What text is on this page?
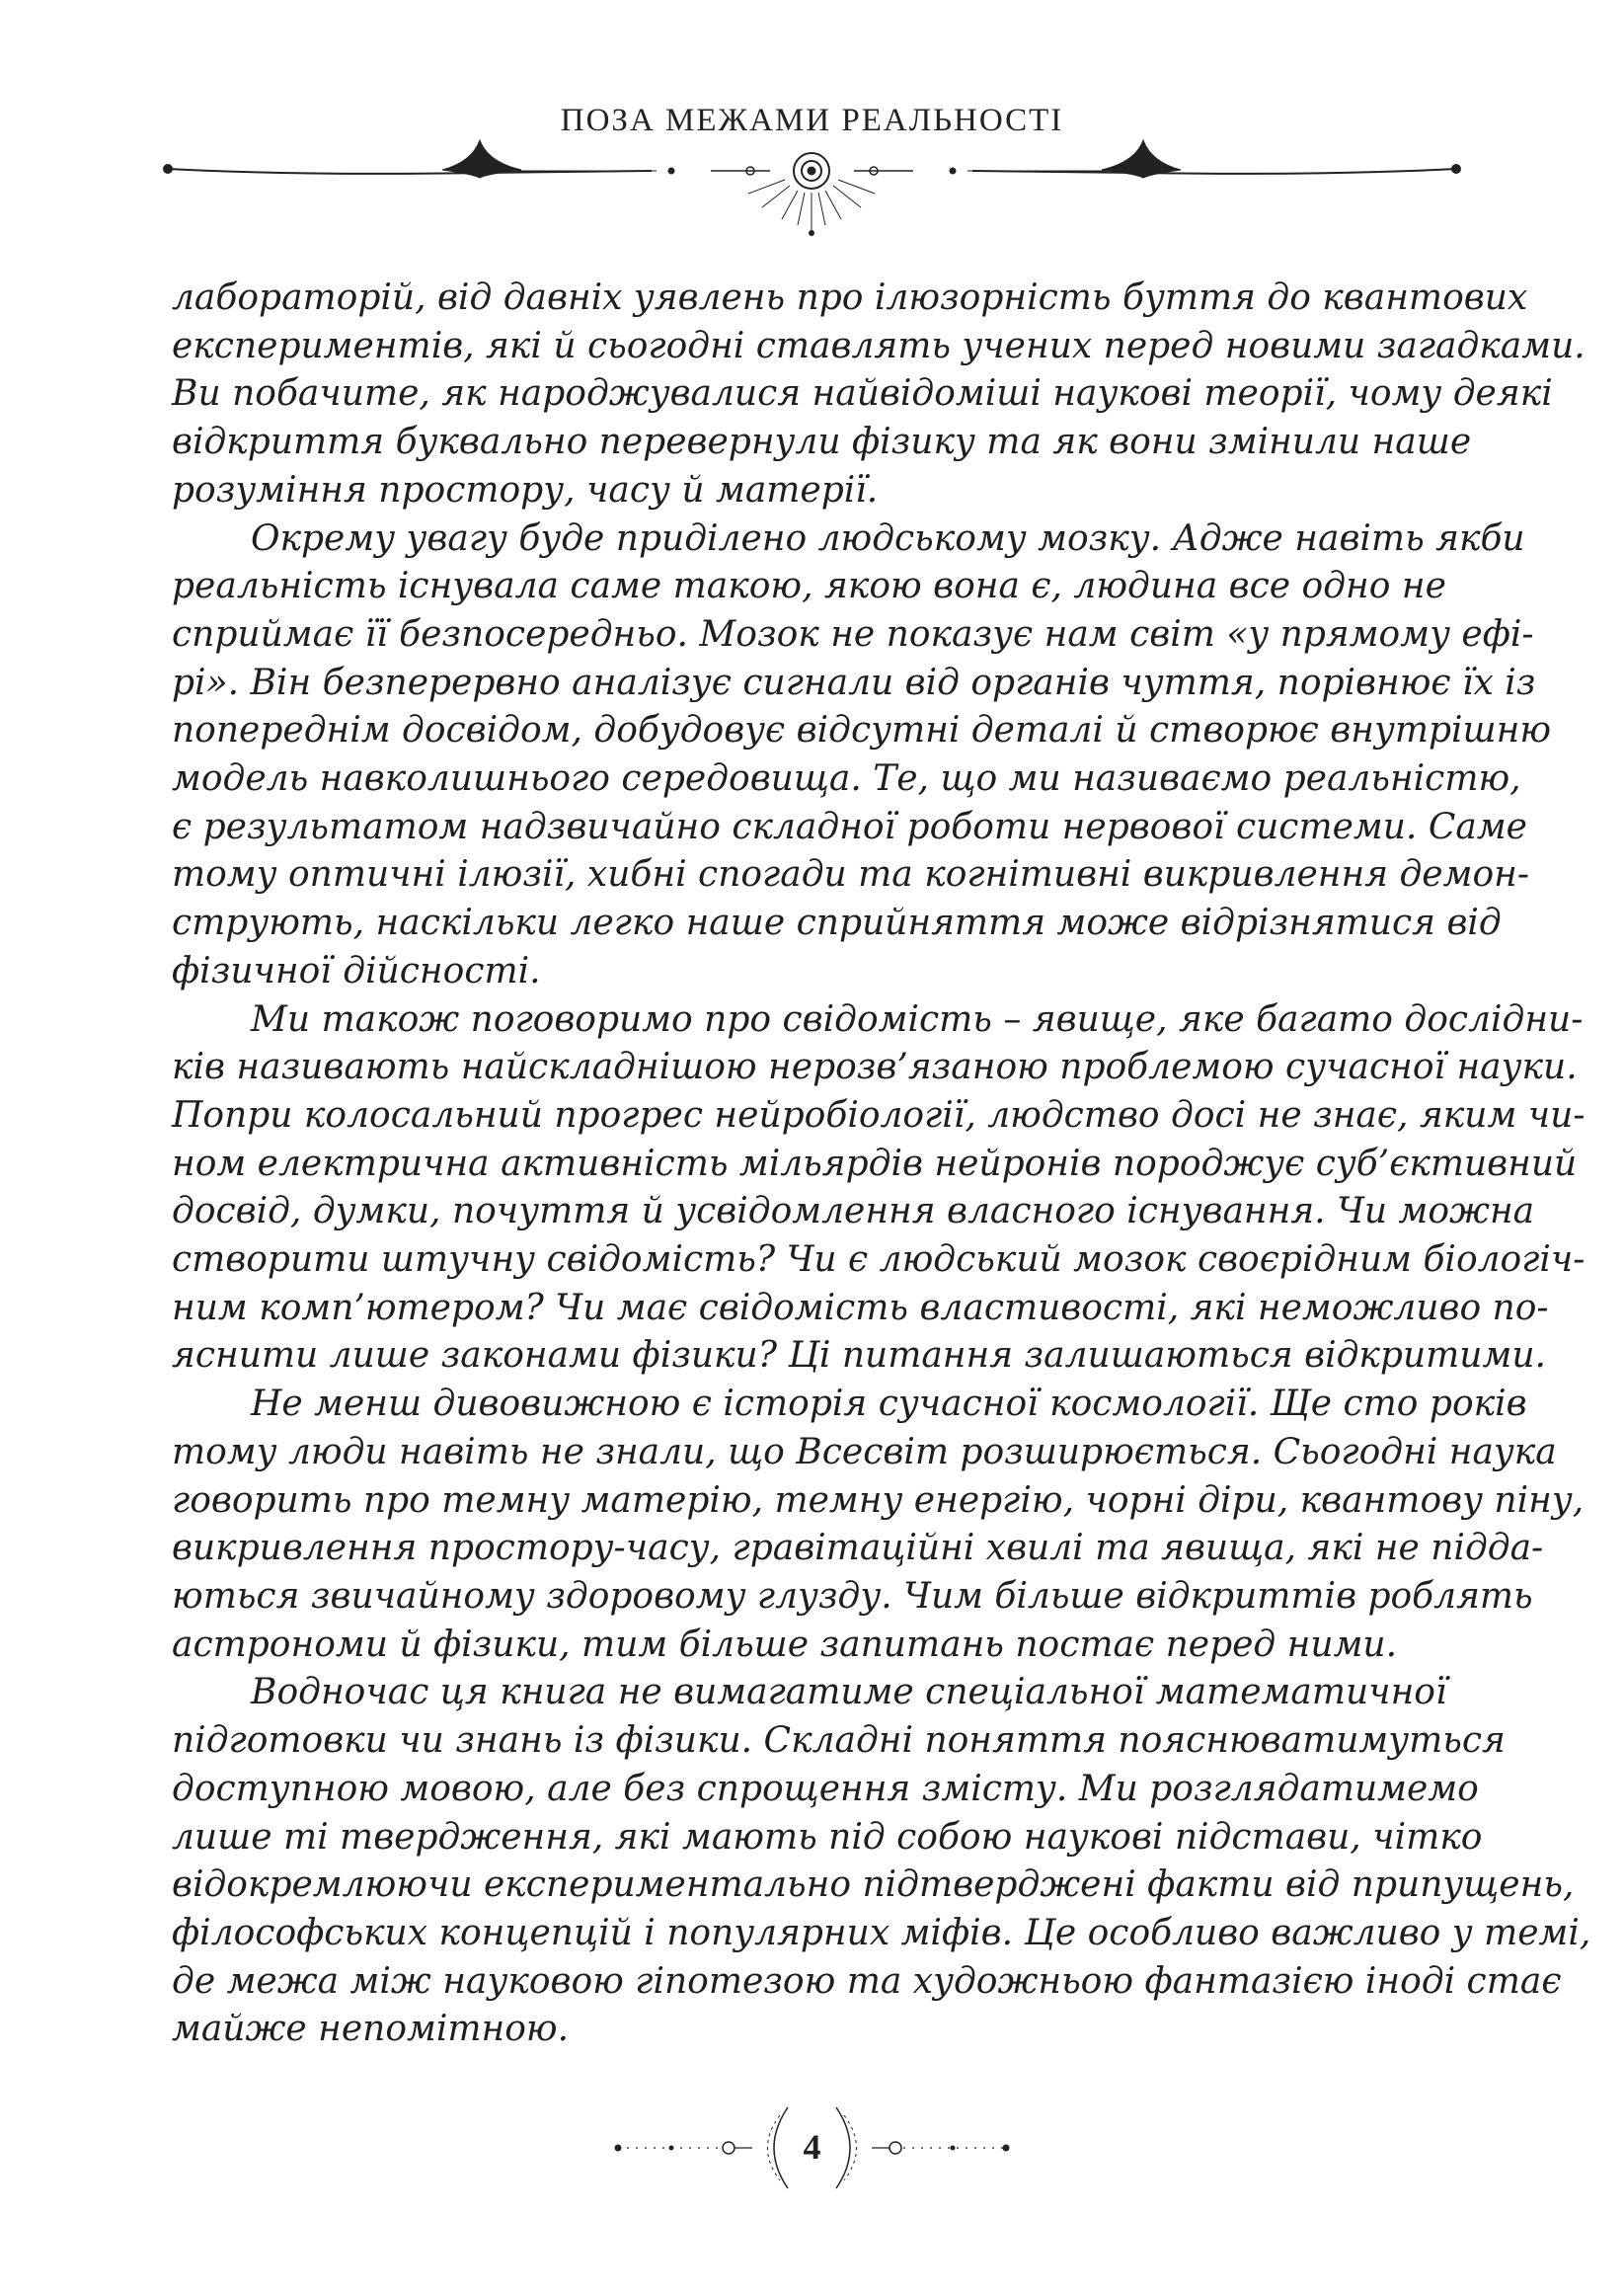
ПОЗА МЕЖАМИ РЕАЛЬНОСТІ

лабораторій, від давніх уявлень про ілюзорність буття до квантових
експериментів, які й сьогодні ставлять учених перед новими загадками.
Ви побачите, як народжувалися найвідоміші наукові теорії, чому деякі
відкриття буквально перевернули фізику та як вони змінили наше
розуміння простору, часу й матерії.

Окрему увагу буде приділено людському мозку. Адже навіть якби
реальність існувала саме такою, якою вона є, людина все одно не
сприймає її безпосередньо. Мозок не показує нам світ «у прямому ефі-
рі». Він безперервно аналізує сигнали від органів чуття, порівнює їх із
попереднім досвідом, добудовує відсутні деталі й створює внутрішню
модель навколишнього середовища. Те, що ми називаємо реальністю,
є результатом надзвичайно складної роботи нервової системи. Саме
тому оптичні ілюзії, хибні спогади та когнітивні викривлення демон-
струють, наскільки легко наше сприйняття може відрізнятися від
фізичної дійсності.

Ми також поговоримо про свідомість – явище, яке багато дослідни-
ків називають найскладнішою нерозв’язаною проблемою сучасної науки.
Попри колосальний прогрес нейробіології, людство досі не знає, яким чи-
ном електрична активність мільярдів нейронів породжує суб’єктивний
досвід, думки, почуття й усвідомлення власного існування. Чи можна
створити штучну свідомість? Чи є людський мозок своєрідним біологіч-
ним комп’ютером? Чи має свідомість властивості, які неможливо по-
яснити лише законами фізики? Ці питання залишаються відкритими.

Не менш дивовижною є історія сучасної космології. Ще сто років
тому люди навіть не знали, що Всесвіт розширюється. Сьогодні наука
говорить про темну матерію, темну енергію, чорні діри, квантову піну,
викривлення простору-часу, гравітаційні хвилі та явища, які не підда-
ються звичайному здоровому глузду. Чим більше відкриттів роблять
астрономи й фізики, тим більше запитань постає перед ними.

Водночас ця книга не вимагатиме спеціальної математичної
підготовки чи знань із фізики. Складні поняття пояснюватимуться
доступною мовою, але без спрощення змісту. Ми розглядатимемо
лише ті твердження, які мають під собою наукові підстави, чітко
відокремлюючи експериментально підтверджені факти від припущень,
філософських концепцій і популярних міфів. Це особливо важливо у темі,
де межа між науковою гіпотезою та художньою фантазією іноді стає
майже непомітною.

4
